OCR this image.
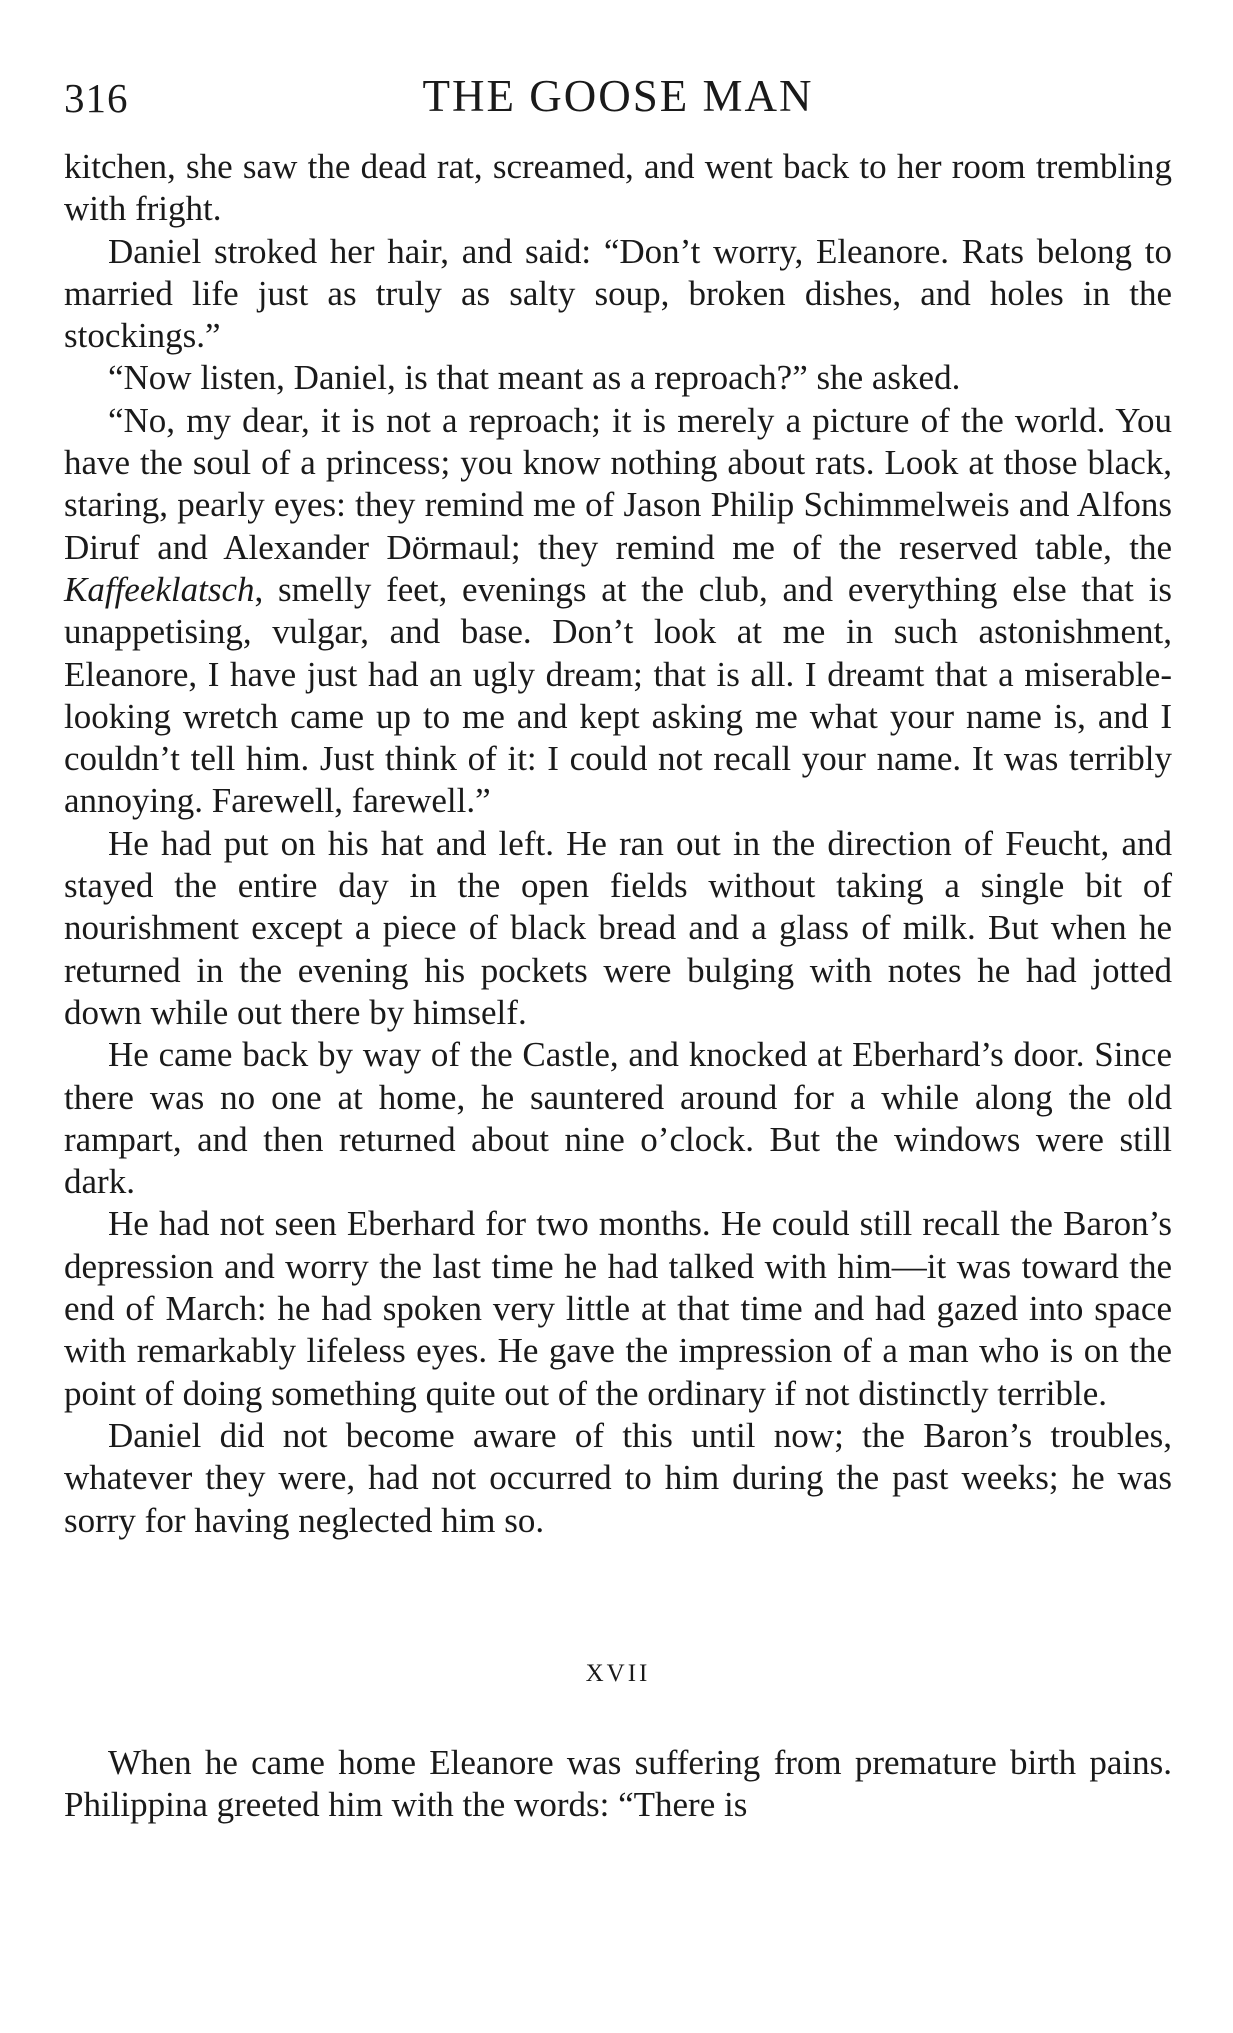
316	THE GOOSE MAN

kitchen, she saw the dead rat, screamed, and went back to her room trembling with fright.

Daniel stroked her hair, and said: “Don’t worry, Eleanore. Rats belong to married life just as truly as salty soup, broken dishes, and holes in the stockings.”

“Now listen, Daniel, is that meant as a reproach?” she asked.

“No, my dear, it is not a reproach; it is merely a picture of the world. You have the soul of a princess; you know nothing about rats. Look at those black, staring, pearly eyes: they remind me of Jason Philip Schimmelweis and Alfons Diruf and Alexander Dörmaul; they remind me of the reserved table, the Kaffeeklatsch, smelly feet, evenings at the club, and everything else that is unappetising, vulgar, and base. Don’t look at me in such astonishment, Eleanore, I have just had an ugly dream; that is all. I dreamt that a miserable-looking wretch came up to me and kept asking me what your name is, and I couldn’t tell him. Just think of it: I could not recall your name. It was terribly annoying. Farewell, farewell.”

He had put on his hat and left. He ran out in the direction of Feucht, and stayed the entire day in the open fields without taking a single bit of nourishment except a piece of black bread and a glass of milk. But when he returned in the evening his pockets were bulging with notes he had jotted down while out there by himself.

He came back by way of the Castle, and knocked at Eberhard’s door. Since there was no one at home, he sauntered around for a while along the old rampart, and then returned about nine o’clock. But the windows were still dark.

He had not seen Eberhard for two months. He could still recall the Baron’s depression and worry the last time he had talked with him—it was toward the end of March: he had spoken very little at that time and had gazed into space with remarkably lifeless eyes. He gave the impression of a man who is on the point of doing something quite out of the ordinary if not distinctly terrible.

Daniel did not become aware of this until now; the Baron’s troubles, whatever they were, had not occurred to him during the past weeks; he was sorry for having neglected him so.

XVII

When he came home Eleanore was suffering from premature birth pains. Philippina greeted him with the words: “There is
